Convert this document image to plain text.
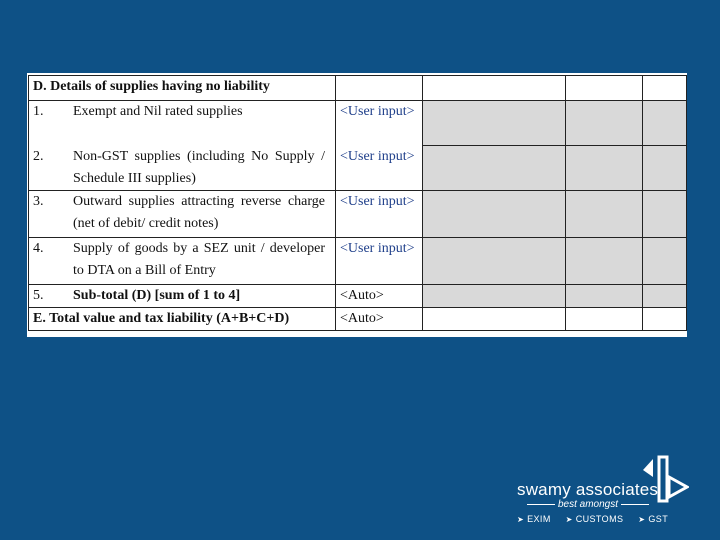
D. Details of supplies having no liability				
1. Exempt and Nil rated supplies	<User input>			
2. Non-GST supplies (including No Supply / Schedule III supplies)	<User input>			
3. Outward supplies attracting reverse charge (net of debit/ credit notes)	<User input>			
4. Supply of goods by a SEZ unit / developer to DTA on a Bill of Entry	<User input>			
5. Sub-total (D) [sum of 1 to 4]	<Auto>			
E. Total value and tax liability (A+B+C+D)	<Auto>			
swamy associates
best amongst
➤ EXIM ➤ CUSTOMS ➤ GST
